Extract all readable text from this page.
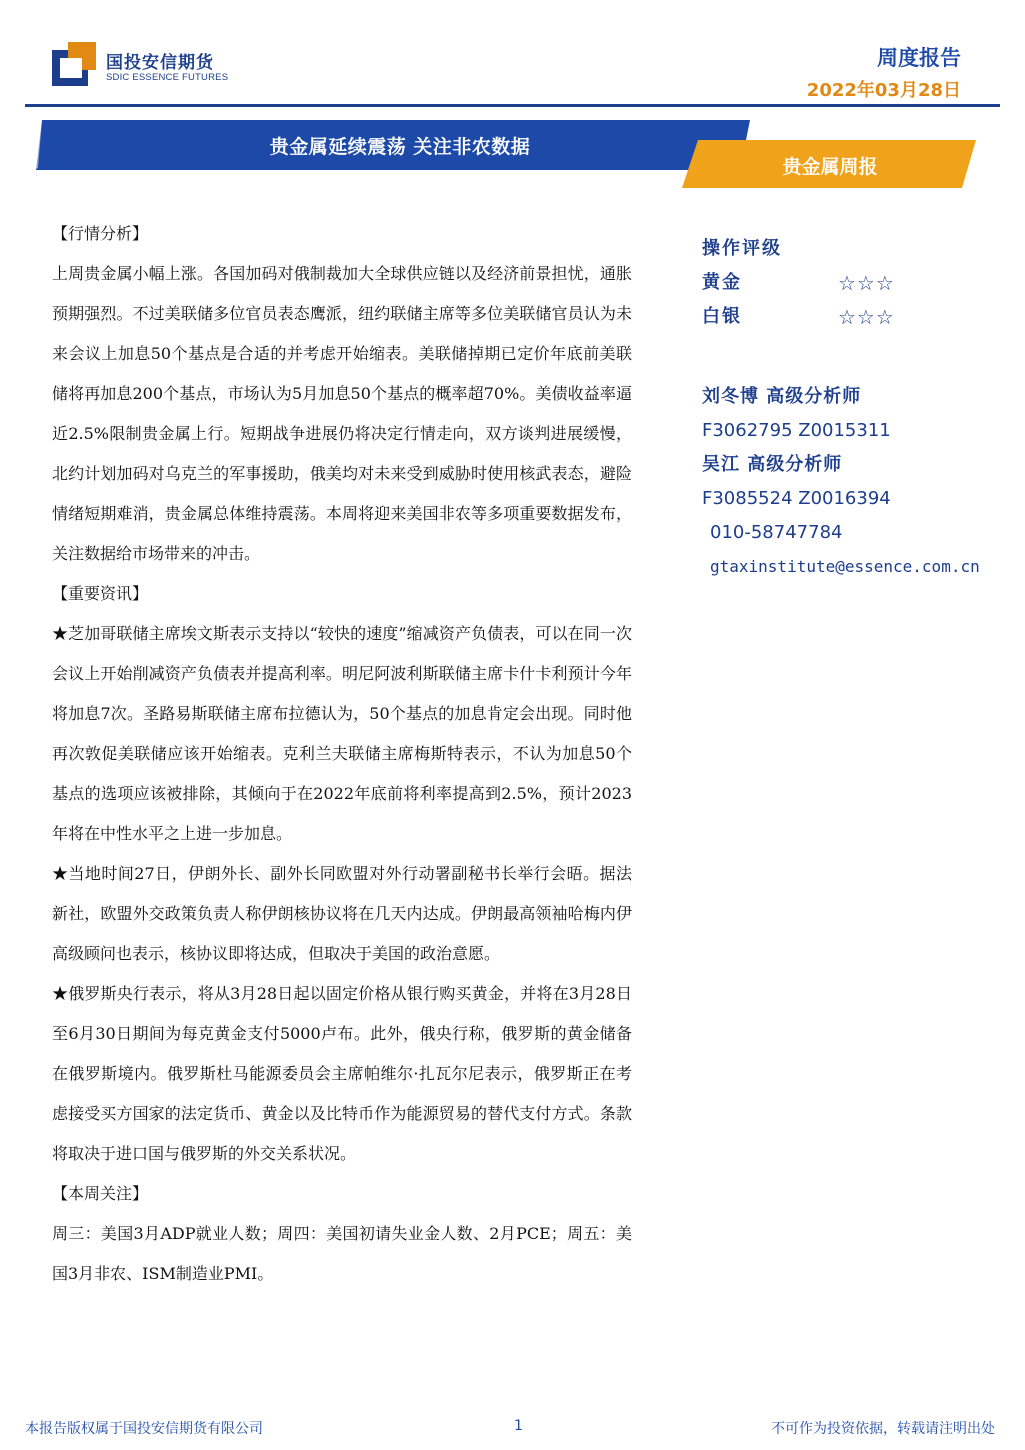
国投安信期货
SDIC ESSENCE FUTURES
周度报告
2022年03月28日
贵金属延续震荡 关注非农数据
贵金属周报
【行情分析】

上周贵金属小幅上涨。各国加码对俄制裁加大全球供应链以及经济前景担忧，通胀预期强烈。不过美联储多位官员表态鹰派，纽约联储主席等多位美联储官员认为未来会议上加息50个基点是合适的并考虑开始缩表。美联储掉期已定价年底前美联储将再加息200个基点，市场认为5月加息50个基点的概率超70%。美债收益率逼近2.5%限制贵金属上行。短期战争进展仍将决定行情走向，双方谈判进展缓慢，北约计划加码对乌克兰的军事援助，俄美均对未来受到威胁时使用核武表态，避险情绪短期难消，贵金属总体维持震荡。本周将迎来美国非农等多项重要数据发布，关注数据给市场带来的冲击。

【重要资讯】

★芝加哥联储主席埃文斯表示支持以“较快的速度”缩减资产负债表，可以在同一次会议上开始削减资产负债表并提高利率。明尼阿波利斯联储主席卡什卡利预计今年将加息7次。圣路易斯联储主席布拉德认为，50个基点的加息肯定会出现。同时他再次敦促美联储应该开始缩表。克利兰夫联储主席梅斯特表示，不认为加息50个基点的选项应该被排除，其倾向于在2022年底前将利率提高到2.5%，预计2023年将在中性水平之上进一步加息。

★当地时间27日，伊朗外长、副外长同欧盟对外行动署副秘书长举行会晤。据法新社，欧盟外交政策负责人称伊朗核协议将在几天内达成。伊朗最高领袖哈梅内伊高级顾问也表示，核协议即将达成，但取决于美国的政治意愿。

★俄罗斯央行表示，将从3月28日起以固定价格从银行购买黄金，并将在3月28日至6月30日期间为每克黄金支付5000卢布。此外，俄央行称，俄罗斯的黄金储备在俄罗斯境内。俄罗斯杜马能源委员会主席帕维尔·扎瓦尔尼表示，俄罗斯正在考虑接受买方国家的法定货币、黄金以及比特币作为能源贸易的替代支付方式。条款将取决于进口国与俄罗斯的外交关系状况。

【本周关注】

周三：美国3月ADP就业人数；周四：美国初请失业金人数、2月PCE；周五：美国3月非农、ISM制造业PMI。

操作评级
黄金	☆☆☆
白银	☆☆☆
刘冬博 高级分析师
F3062795 Z0015311
吴江 高级分析师
F3085524 Z0016394
010-58747784
gtaxinstitute@essence.com.cn
本报告版权属于国投安信期货有限公司	1	不可作为投资依据，转载请注明出处
